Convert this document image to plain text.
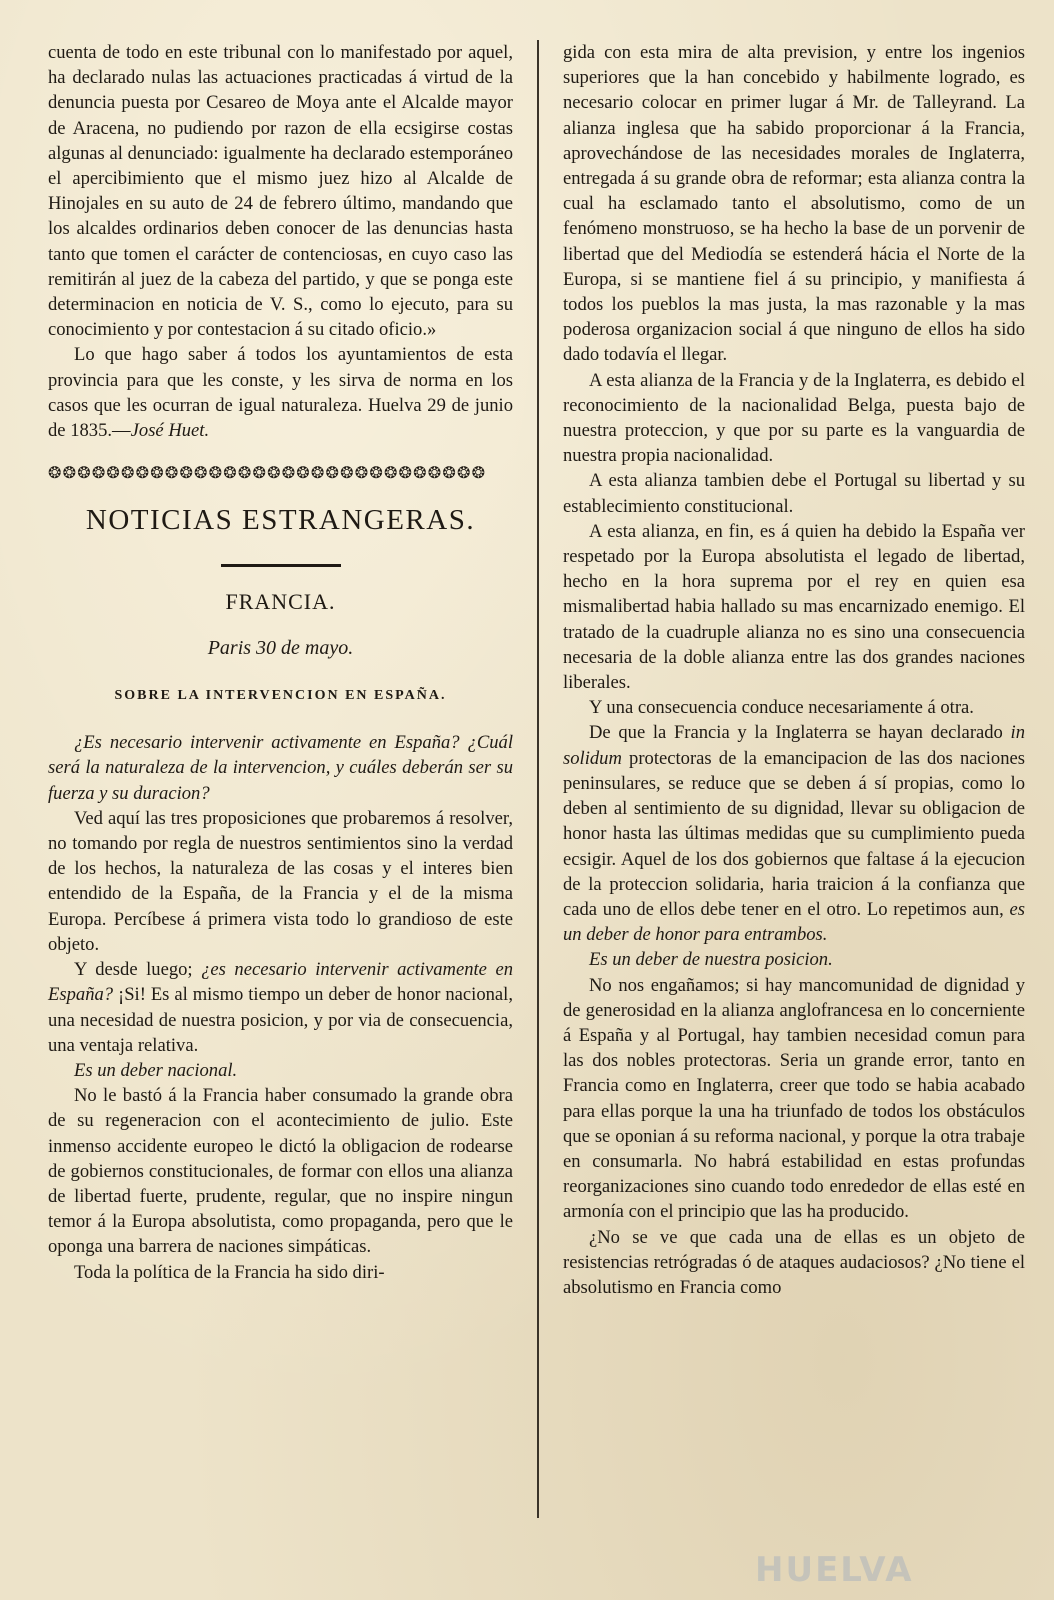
cuenta de todo en este tribunal con lo manifestado por aquel, ha declarado nulas las actuaciones practicadas á virtud de la denuncia puesta por Cesareo de Moya ante el Alcalde mayor de Aracena, no pudiendo por razon de ella ecsigirse costas algunas al denunciado: igualmente ha declarado estemporáneo el apercibimiento que el mismo juez hizo al Alcalde de Hinojales en su auto de 24 de febrero último, mandando que los alcaldes ordinarios deben conocer de las denuncias hasta tanto que tomen el carácter de contenciosas, en cuyo caso las remitirán al juez de la cabeza del partido, y que se ponga este determinacion en noticia de V. S., como lo ejecuto, para su conocimiento y por contestacion á su citado oficio.»

Lo que hago saber á todos los ayuntamientos de esta provincia para que les conste, y les sirva de norma en los casos que les ocurran de igual naturaleza. Huelva 29 de junio de 1835.—José Huet.

❂❂❂❂❂❂❂❂❂❂❂❂❂❂❂❂❂❂❂❂❂❂❂❂❂❂❂❂❂❂
NOTICIAS ESTRANGERAS.
FRANCIA.
Paris 30 de mayo.
SOBRE LA INTERVENCION EN ESPAÑA.

¿Es necesario intervenir activamente en España? ¿Cuál será la naturaleza de la intervencion, y cuáles deberán ser su fuerza y su duracion?

Ved aquí las tres proposiciones que probaremos á resolver, no tomando por regla de nuestros sentimientos sino la verdad de los hechos, la naturaleza de las cosas y el interes bien entendido de la España, de la Francia y el de la misma Europa. Percíbese á primera vista todo lo grandioso de este objeto.

Y desde luego; ¿es necesario intervenir activamente en España? ¡Si! Es al mismo tiempo un deber de honor nacional, una necesidad de nuestra posicion, y por via de consecuencia, una ventaja relativa.

Es un deber nacional.

No le bastó á la Francia haber consumado la grande obra de su regeneracion con el acontecimiento de julio. Este inmenso accidente europeo le dictó la obligacion de rodearse de gobiernos constitucionales, de formar con ellos una alianza de libertad fuerte, prudente, regular, que no inspire ningun temor á la Europa absolutista, como propaganda, pero que le oponga una barrera de naciones simpáticas.

Toda la política de la Francia ha sido diri-

gida con esta mira de alta prevision, y entre los ingenios superiores que la han concebido y habilmente logrado, es necesario colocar en primer lugar á Mr. de Talleyrand. La alianza inglesa que ha sabido proporcionar á la Francia, aprovechándose de las necesidades morales de Inglaterra, entregada á su grande obra de reformar; esta alianza contra la cual ha esclamado tanto el absolutismo, como de un fenómeno monstruoso, se ha hecho la base de un porvenir de libertad que del Mediodía se estenderá hácia el Norte de la Europa, si se mantiene fiel á su principio, y manifiesta á todos los pueblos la mas justa, la mas razonable y la mas poderosa organizacion social á que ninguno de ellos ha sido dado todavía el llegar.

A esta alianza de la Francia y de la Inglaterra, es debido el reconocimiento de la nacionalidad Belga, puesta bajo de nuestra proteccion, y que por su parte es la vanguardia de nuestra propia nacionalidad.

A esta alianza tambien debe el Portugal su libertad y su establecimiento constitucional.

A esta alianza, en fin, es á quien ha debido la España ver respetado por la Europa absolutista el legado de libertad, hecho en la hora suprema por el rey en quien esa mismalibertad habia hallado su mas encarnizado enemigo. El tratado de la cuadruple alianza no es sino una consecuencia necesaria de la doble alianza entre las dos grandes naciones liberales.

Y una consecuencia conduce necesariamente á otra.

De que la Francia y la Inglaterra se hayan declarado in solidum protectoras de la emancipacion de las dos naciones peninsulares, se reduce que se deben á sí propias, como lo deben al sentimiento de su dignidad, llevar su obligacion de honor hasta las últimas medidas que su cumplimiento pueda ecsigir. Aquel de los dos gobiernos que faltase á la ejecucion de la proteccion solidaria, haria traicion á la confianza que cada uno de ellos debe tener en el otro. Lo repetimos aun, es un deber de honor para entrambos.

Es un deber de nuestra posicion.

No nos engañamos; si hay mancomunidad de dignidad y de generosidad en la alianza anglofrancesa en lo concerniente á España y al Portugal, hay tambien necesidad comun para las dos nobles protectoras. Seria un grande error, tanto en Francia como en Inglaterra, creer que todo se habia acabado para ellas porque la una ha triunfado de todos los obstáculos que se oponian á su reforma nacional, y porque la otra trabaje en consumarla. No habrá estabilidad en estas profundas reorganizaciones sino cuando todo enrededor de ellas esté en armonía con el principio que las ha producido.

¿No se ve que cada una de ellas es un objeto de resistencias retrógradas ó de ataques audaciosos? ¿No tiene el absolutismo en Francia como

HUELVA
